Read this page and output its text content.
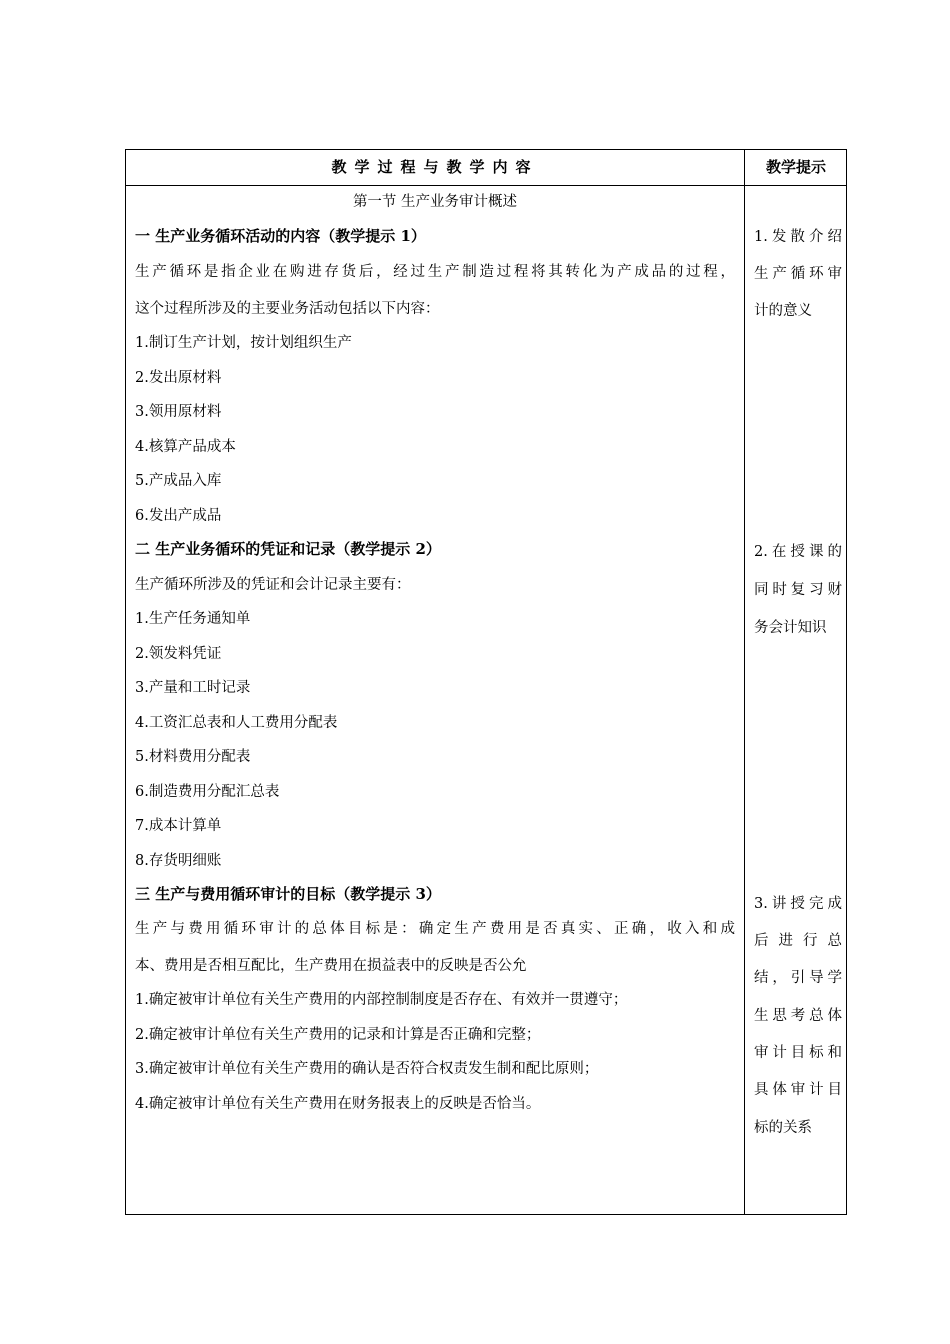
教学过程与教学内容	教学提示
第一节 生产业务审计概述
一 生产业务循环活动的内容（教学提示 1）
生产循环是指企业在购进存货后，经过生产制造过程将其转化为产成品的过程，
这个过程所涉及的主要业务活动包括以下内容：
1.制订生产计划，按计划组织生产
2.发出原材料
3.领用原材料
4.核算产品成本
5.产成品入库
6.发出产成品
二 生产业务循环的凭证和记录（教学提示 2）
生产循环所涉及的凭证和会计记录主要有：
1.生产任务通知单
2.领发料凭证
3.产量和工时记录
4.工资汇总表和人工费用分配表
5.材料费用分配表
6.制造费用分配汇总表
7.成本计算单
8.存货明细账
三 生产与费用循环审计的目标（教学提示 3）
生产与费用循环审计的总体目标是：确定生产费用是否真实、正确，收入和成
本、费用是否相互配比，生产费用在损益表中的反映是否公允
1.确定被审计单位有关生产费用的内部控制制度是否存在、有效并一贯遵守；
2.确定被审计单位有关生产费用的记录和计算是否正确和完整；
3.确定被审计单位有关生产费用的确认是否符合权责发生制和配比原则；
4.确定被审计单位有关生产费用在财务报表上的反映是否恰当。
1.发散介绍
生产循环审
计的意义
2.在授课的
同时复习财
务会计知识
3.讲授完成
后 进 行 总
结，引导学
生思考总体
审计目标和
具体审计目
标的关系
